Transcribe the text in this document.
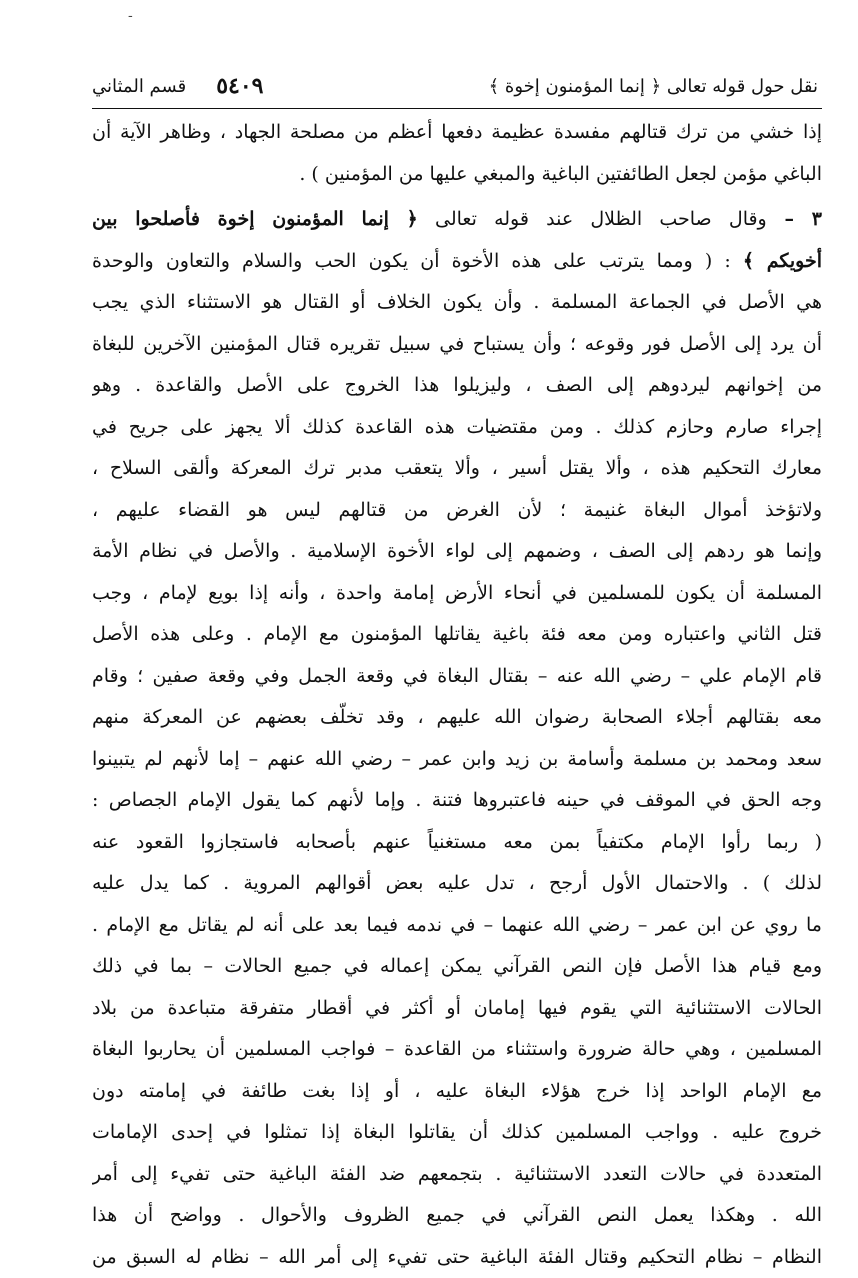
-
٥٤٠٩
قسم المثاني	نقل حول قوله تعالى ﴿ إنما المؤمنون إخوة ﴾
إذا خشي من ترك قتالهم مفسدة عظيمة دفعها أعظم من مصلحة الجهاد ، وظاهر الآية أن
الباغي مؤمن لجعل الطائفتين الباغية والمبغي عليها من المؤمنين ) .
٣ – وقال صاحب الظلال عند قوله تعالى ﴿ إنما المؤمنون إخوة فأصلحوا بين
أخويكم ﴾ : ( ومما يترتب على هذه الأخوة أن يكون الحب والسلام والتعاون والوحدة
هي الأصل في الجماعة المسلمة . وأن يكون الخلاف أو القتال هو الاستثناء الذي يجب
أن يرد إلى الأصل فور وقوعه ؛ وأن يستباح في سبيل تقريره قتال المؤمنين الآخرين للبغاة
من إخوانهم ليردوهم إلى الصف ، وليزيلوا هذا الخروج على الأصل والقاعدة . وهو
إجراء صارم وحازم كذلك . ومن مقتضيات هذه القاعدة كذلك ألا يجهز على جريح في
معارك التحكيم هذه ، وألا يقتل أسير ، وألا يتعقب مدبر ترك المعركة وألقى السلاح ،
ولاتؤخذ أموال البغاة غنيمة ؛ لأن الغرض من قتالهم ليس هو القضاء عليهم ،
وإنما هو ردهم إلى الصف ، وضمهم إلى لواء الأخوة الإسلامية . والأصل في نظام الأمة
المسلمة أن يكون للمسلمين في أنحاء الأرض إمامة واحدة ، وأنه إذا بويع لإمام ، وجب
قتل الثاني واعتباره ومن معه فئة باغية يقاتلها المؤمنون مع الإمام . وعلى هذه الأصل
قام الإمام علي – رضي الله عنه – بقتال البغاة في وقعة الجمل وفي وقعة صفين ؛ وقام
معه بقتالهم أجلاء الصحابة رضوان الله عليهم ، وقد تخلّف بعضهم عن المعركة منهم
سعد ومحمد بن مسلمة وأسامة بن زيد وابن عمر – رضي الله عنهم – إما لأنهم لم يتبينوا
وجه الحق في الموقف في حينه فاعتبروها فتنة . وإما لأنهم كما يقول الإمام الجصاص :
( ربما رأوا الإمام مكتفياً بمن معه مستغنياً عنهم بأصحابه فاستجازوا القعود عنه
لذلك ) . والاحتمال الأول أرجح ، تدل عليه بعض أقوالهم المروية . كما يدل عليه
ما روي عن ابن عمر – رضي الله عنهما – في ندمه فيما بعد على أنه لم يقاتل مع الإمام .
ومع قيام هذا الأصل فإن النص القرآني يمكن إعماله في جميع الحالات – بما في ذلك
الحالات الاستثنائية التي يقوم فيها إمامان أو أكثر في أقطار متفرقة متباعدة من بلاد
المسلمين ، وهي حالة ضرورة واستثناء من القاعدة – فواجب المسلمين أن يحاربوا البغاة
مع الإمام الواحد إذا خرج هؤلاء البغاة عليه ، أو إذا بغت طائفة في إمامته دون
خروج عليه . وواجب المسلمين كذلك أن يقاتلوا البغاة إذا تمثلوا في إحدى الإمامات
المتعددة في حالات التعدد الاستثنائية . بتجمعهم ضد الفئة الباغية حتى تفيء إلى أمر
الله . وهكذا يعمل النص القرآني في جميع الظروف والأحوال . وواضح أن هذا
النظام – نظام التحكيم وقتال الفئة الباغية حتى تفيء إلى أمر الله – نظام له السبق من
